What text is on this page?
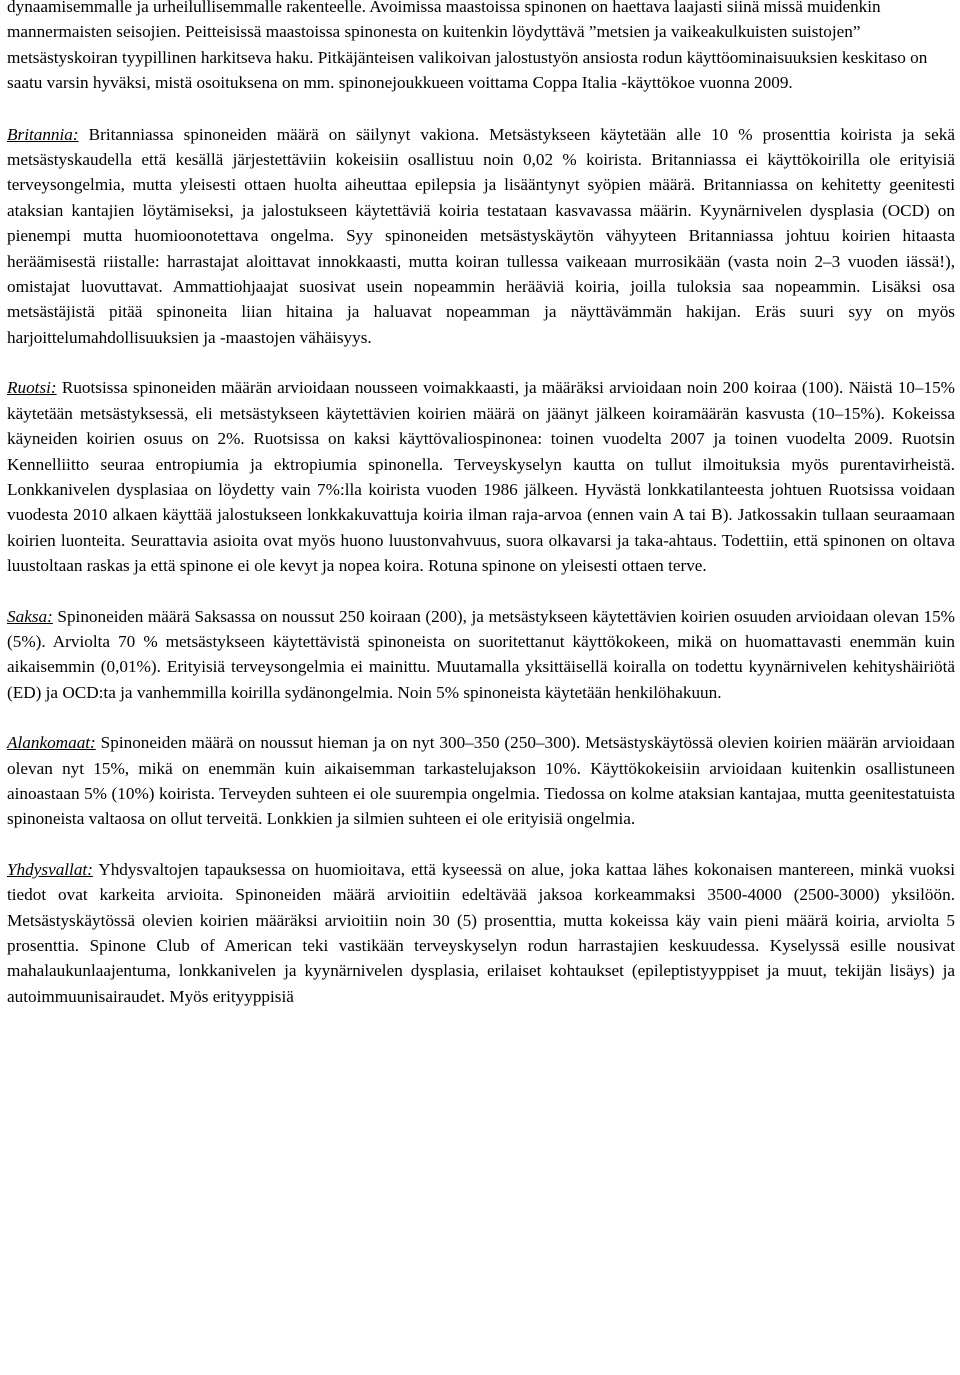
dynaamisemmalle ja urheilullisemmalle rakenteelle. Avoimissa maastoissa spinonen on haettava laajasti siinä missä muidenkin mannermaisten seisojien. Peitteisissä maastoissa spinonesta on kuitenkin löydyttävä ”metsien ja vaikeakulkuisten suistojen” metsästyskoiran tyypillinen harkitseva haku. Pitkäjänteisen valikoivan jalostustyön ansiosta rodun käyttöominaisuuksien keskitaso on saatu varsin hyväksi, mistä osoituksena on mm. spinonejoukkueen voittama Coppa Italia -käyttökoe vuonna 2009.

Britannia: Britanniassa spinoneiden määrä on säilynyt vakiona. Metsästykseen käytetään alle 10 % prosenttia koirista ja sekä metsästyskaudella että kesällä järjestettäviin kokeisiin osallistuu noin 0,02 % koirista. Britanniassa ei käyttökoirilla ole erityisiä terveysongelmia, mutta yleisesti ottaen huolta aiheuttaa epilepsia ja lisääntynyt syöpien määrä. Britanniassa on kehitetty geenitesti ataksian kantajien löytämiseksi, ja jalostukseen käytettäviä koiria testataan kasvavassa määrin. Kyynärnivelen dysplasia (OCD) on pienempi mutta huomioonotettava ongelma. Syy spinoneiden metsästyskäytön vähyyteen Britanniassa johtuu koirien hitaasta heräämisestä riistalle: harrastajat aloittavat innokkaasti, mutta koiran tullessa vaikeaan murrosikään (vasta noin 2–3 vuoden iässä!), omistajat luovuttavat. Ammattiohjaajat suosivat usein nopeammin herääviä koiria, joilla tuloksia saa nopeammin. Lisäksi osa metsästäjistä pitää spinoneita liian hitaina ja haluavat nopeamman ja näyttävämmän hakijan. Eräs suuri syy on myös harjoittelumahdollisuuksien ja -maastojen vähäisyys.

Ruotsi: Ruotsissa spinoneiden määrän arvioidaan nousseen voimakkaasti, ja määräksi arvioidaan noin 200 koiraa (100). Näistä 10–15% käytetään metsästyksessä, eli metsästykseen käytettävien koirien määrä on jäänyt jälkeen koiramäärän kasvusta (10–15%). Kokeissa käyneiden koirien osuus on 2%. Ruotsissa on kaksi käyttövaliospinonea: toinen vuodelta 2007 ja toinen vuodelta 2009. Ruotsin Kennelliitto seuraa entropiumia ja ektropiumia spinonella. Terveyskyselyn kautta on tullut ilmoituksia myös purentavirheistä. Lonkkanivelen dysplasiaa on löydetty vain 7%:lla koirista vuoden 1986 jälkeen. Hyvästä lonkkatilanteesta johtuen Ruotsissa voidaan vuodesta 2010 alkaen käyttää jalostukseen lonkkakuvattuja koiria ilman raja-arvoa (ennen vain A tai B). Jatkossakin tullaan seuraamaan koirien luonteita. Seurattavia asioita ovat myös huono luustonvahvuus, suora olkavarsi ja taka-ahtaus. Todettiin, että spinonen on oltava luustoltaan raskas ja että spinone ei ole kevyt ja nopea koira. Rotuna spinone on yleisesti ottaen terve.

Saksa: Spinoneiden määrä Saksassa on noussut 250 koiraan (200), ja metsästykseen käytettävien koirien osuuden arvioidaan olevan 15% (5%). Arviolta 70 % metsästykseen käytettävistä spinoneista on suoritettanut käyttökokeen, mikä on huomattavasti enemmän kuin aikaisemmin (0,01%). Erityisiä terveysongelmia ei mainittu. Muutamalla yksittäisellä koiralla on todettu kyynärnivelen kehityshäiriötä (ED) ja OCD:ta ja vanhemmilla koirilla sydänongelmia. Noin 5% spinoneista käytetään henkilöhakuun.

Alankomaat: Spinoneiden määrä on noussut hieman ja on nyt 300–350 (250–300). Metsästyskäytössä olevien koirien määrän arvioidaan olevan nyt 15%, mikä on enemmän kuin aikaisemman tarkastelujakson 10%. Käyttökokeisiin arvioidaan kuitenkin osallistuneen ainoastaan 5% (10%) koirista. Terveyden suhteen ei ole suurempia ongelmia. Tiedossa on kolme ataksian kantajaa, mutta geenitestatuista spinoneista valtaosa on ollut terveitä. Lonkkien ja silmien suhteen ei ole erityisiä ongelmia.

Yhdysvallat: Yhdysvaltojen tapauksessa on huomioitava, että kyseessä on alue, joka kattaa lähes kokonaisen mantereen, minkä vuoksi tiedot ovat karkeita arvioita. Spinoneiden määrä arvioitiin edeltävää jaksoa korkeammaksi 3500-4000 (2500-3000) yksilöön. Metsästyskäytössä olevien koirien määräksi arvioitiin noin 30 (5) prosenttia, mutta kokeissa käy vain pieni määrä koiria, arviolta 5 prosenttia. Spinone Club of American teki vastikään terveyskyselyn rodun harrastajien keskuudessa. Kyselyssä esille nousivat mahalaukunlaajentuma, lonkkanivelen ja kyynärnivelen dysplasia, erilaiset kohtaukset (epileptistyyppiset ja muut, tekijän lisäys) ja autoimmuunisairaudet. Myös erityyppisiä
